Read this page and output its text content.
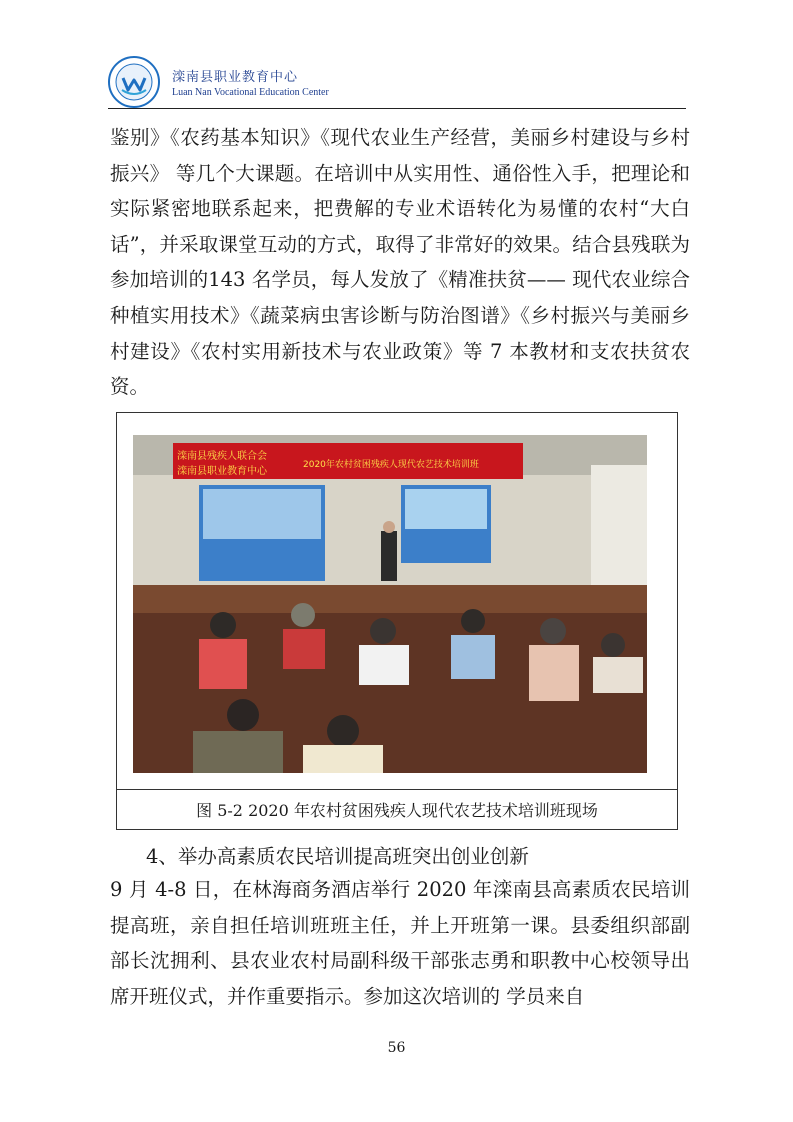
滦南县职业教育中心
Luan Nan Vocational Education Center
鉴别》《农药基本知识》《现代农业生产经营，美丽乡村建设与乡村振兴》 等几个大课题。在培训中从实用性、通俗性入手，把理论和实际紧密地联系起来，把费解的专业术语转化为易懂的农村“大白话”，并采取课堂互动的方式，取得了非常好的效果。结合县残联为参加培训的143 名学员，每人发放了《精准扶贫—— 现代农业综合种植实用技术》《蔬菜病虫害诊断与防治图谱》《乡村振兴与美丽乡村建设》《农村实用新技术与农业政策》等 7 本教材和支农扶贫农资。
滦南县残疾人联合会
滦南县职业教育中心
2020年农村贫困残疾人现代农艺技术培训班
图 5-2 2020 年农村贫困残疾人现代农艺技术培训班现场
4、举办高素质农民培训提高班突出创业创新
9 月 4-8 日，在林海商务酒店举行 2020 年滦南县高素质农民培训提高班，亲自担任培训班班主任，并上开班第一课。县委组织部副部长沈拥利、县农业农村局副科级干部张志勇和职教中心校领导出席开班仪式，并作重要指示。参加这次培训的 学员来自
56
